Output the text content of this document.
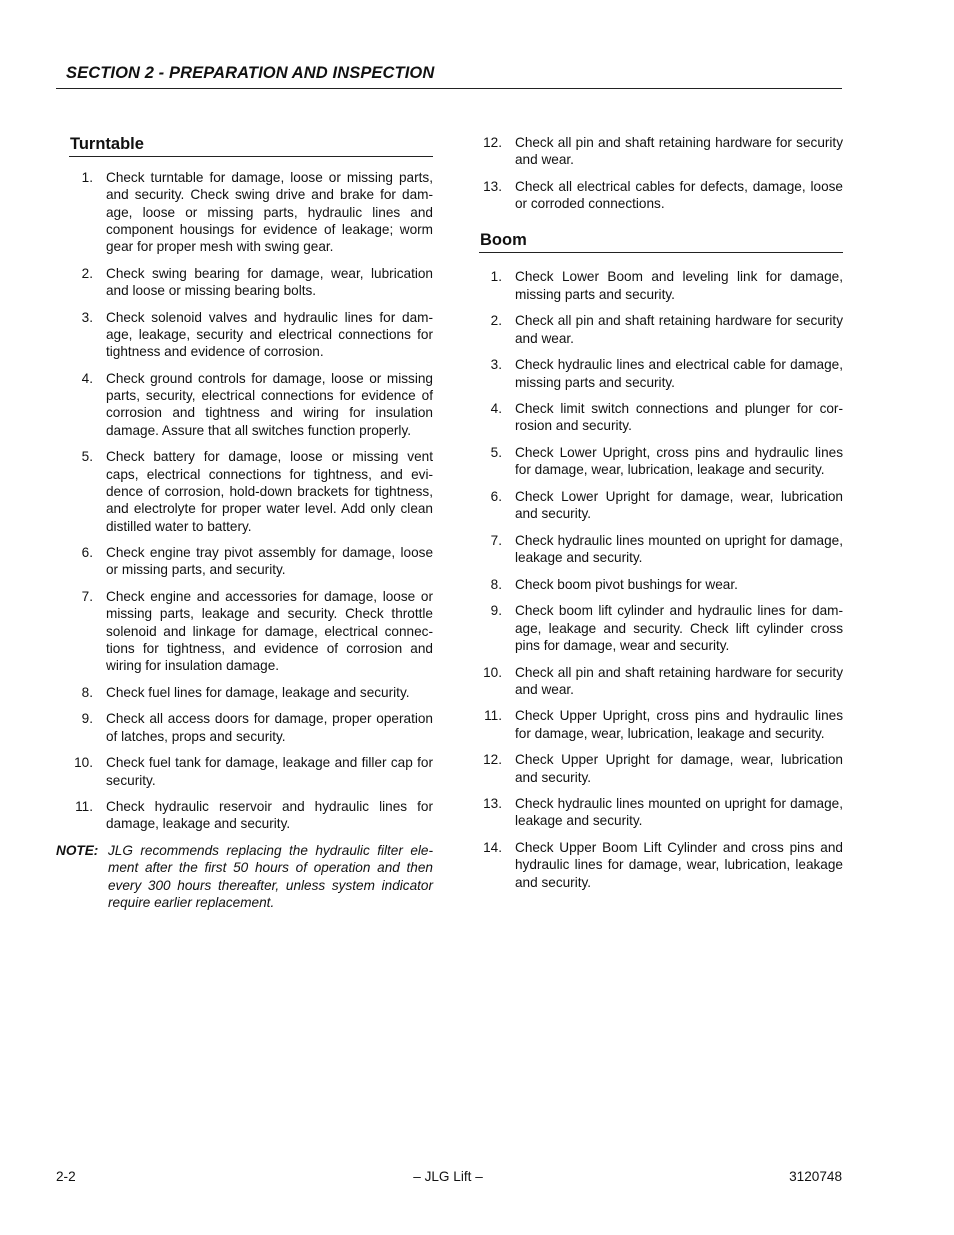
SECTION 2 - PREPARATION AND INSPECTION
Turntable
1. Check turntable for damage, loose or missing parts, and security. Check swing drive and brake for damage, loose or missing parts, hydraulic lines and component housings for evidence of leakage; worm gear for proper mesh with swing gear.
2. Check swing bearing for damage, wear, lubrication and loose or missing bearing bolts.
3. Check solenoid valves and hydraulic lines for damage, leakage, security and electrical connections for tightness and evidence of corrosion.
4. Check ground controls for damage, loose or missing parts, security, electrical connections for evidence of corrosion and tightness and wiring for insulation damage. Assure that all switches function properly.
5. Check battery for damage, loose or missing vent caps, electrical connections for tightness, and evidence of corrosion, hold-down brackets for tightness, and electrolyte for proper water level. Add only clean distilled water to battery.
6. Check engine tray pivot assembly for damage, loose or missing parts, and security.
7. Check engine and accessories for damage, loose or missing parts, leakage and security. Check throttle solenoid and linkage for damage, electrical connections for tightness, and evidence of corrosion and wiring for insulation damage.
8. Check fuel lines for damage, leakage and security.
9. Check all access doors for damage, proper operation of latches, props and security.
10. Check fuel tank for damage, leakage and filler cap for security.
11. Check hydraulic reservoir and hydraulic lines for damage, leakage and security.
NOTE: JLG recommends replacing the hydraulic filter element after the first 50 hours of operation and then every 300 hours thereafter, unless system indicator require earlier replacement.
12. Check all pin and shaft retaining hardware for security and wear.
13. Check all electrical cables for defects, damage, loose or corroded connections.
Boom
1. Check Lower Boom and leveling link for damage, missing parts and security.
2. Check all pin and shaft retaining hardware for security and wear.
3. Check hydraulic lines and electrical cable for damage, missing parts and security.
4. Check limit switch connections and plunger for corrosion and security.
5. Check Lower Upright, cross pins and hydraulic lines for damage, wear, lubrication, leakage and security.
6. Check Lower Upright for damage, wear, lubrication and security.
7. Check hydraulic lines mounted on upright for damage, leakage and security.
8. Check boom pivot bushings for wear.
9. Check boom lift cylinder and hydraulic lines for damage, leakage and security. Check lift cylinder cross pins for damage, wear and security.
10. Check all pin and shaft retaining hardware for security and wear.
11. Check Upper Upright, cross pins and hydraulic lines for damage, wear, lubrication, leakage and security.
12. Check Upper Upright for damage, wear, lubrication and security.
13. Check hydraulic lines mounted on upright for damage, leakage and security.
14. Check Upper Boom Lift Cylinder and cross pins and hydraulic lines for damage, wear, lubrication, leakage and security.
2-2	– JLG Lift –	3120748
